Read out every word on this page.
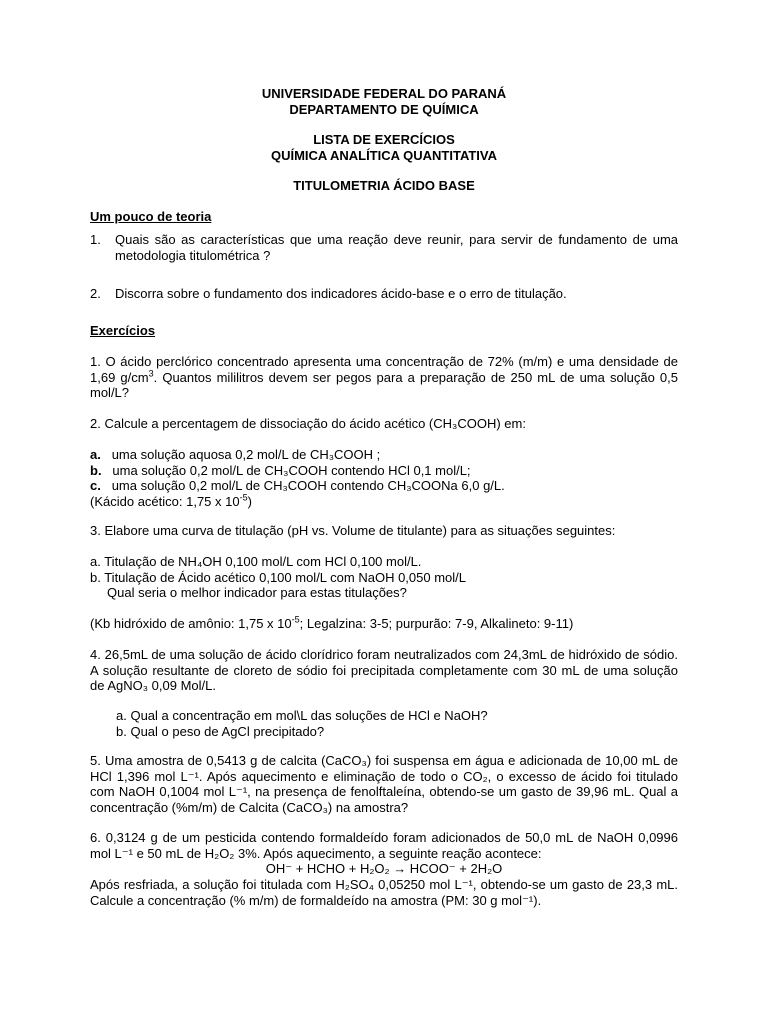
UNIVERSIDADE FEDERAL DO PARANÁ
DEPARTAMENTO DE QUÍMICA
LISTA DE EXERCÍCIOS
QUÍMICA ANALÍTICA QUANTITATIVA
TITULOMETRIA ÁCIDO BASE
Um pouco de teoria
1.	Quais são as características que uma reação deve reunir, para servir de fundamento de uma metodologia titulométrica ?
2.	Discorra sobre o fundamento dos indicadores ácido-base e o erro de titulação.
Exercícios
1. O ácido perclórico concentrado apresenta uma concentração de 72% (m/m) e uma densidade de 1,69 $g/cm^3$. Quantos mililitros devem ser pegos para a preparação de 250 mL de uma solução 0,5 mol/L?
2. Calcule a percentagem de dissociação do ácido acético (CH₃COOH) em:
a. uma solução aquosa 0,2 mol/L de CH₃COOH ;
b. uma solução 0,2 mol/L de CH₃COOH contendo HCl 0,1 mol/L;
c. uma solução 0,2 mol/L de CH₃COOH contendo CH₃COONa 6,0 g/L.
(Kácido acético: 1,75 x $10^{-5}$)
3. Elabore uma curva de titulação (pH vs. Volume de titulante) para as situações seguintes:
a. Titulação de NH₄OH 0,100 mol/L com HCl 0,100 mol/L.
b. Titulação de Ácido acético 0,100 mol/L com NaOH 0,050 mol/L
Qual seria o melhor indicador para estas titulações?
(Kb hidróxido de amônio: 1,75 x $10^{-5}$; Legalzina: 3-5; purpurão: 7-9, Alkalineto: 9-11)
4. 26,5mL de uma solução de ácido clorídrico foram neutralizados com 24,3mL de hidróxido de sódio. A solução resultante de cloreto de sódio foi precipitada completamente com 30 mL de uma solução de AgNO₃ 0,09 Mol/L.
a. Qual a concentração em mol\L das soluções de HCl e NaOH?
b. Qual o peso de AgCl precipitado?
5. Uma amostra de 0,5413 g de calcita (CaCO₃) foi suspensa em água e adicionada de 10,00 mL de HCl 1,396 mol L⁻¹. Após aquecimento e eliminação de todo o CO₂, o excesso de ácido foi titulado com NaOH 0,1004 mol L⁻¹, na presença de fenolftaleína, obtendo-se um gasto de 39,96 mL. Qual a concentração (%m/m) de Calcita (CaCO₃) na amostra?
6. 0,3124 g de um pesticida contendo formaldeído foram adicionados de 50,0 mL de NaOH 0,0996 mol L⁻¹ e 50 mL de H₂O₂ 3%. Após aquecimento, a seguinte reação acontece:
OH⁻ + HCHO + H₂O₂ → HCOO⁻ + 2H₂O
Após resfriada, a solução foi titulada com H₂SO₄ 0,05250 mol L⁻¹, obtendo-se um gasto de 23,3 mL. Calcule a concentração (% m/m) de formaldeído na amostra (PM: 30 g mol⁻¹).
